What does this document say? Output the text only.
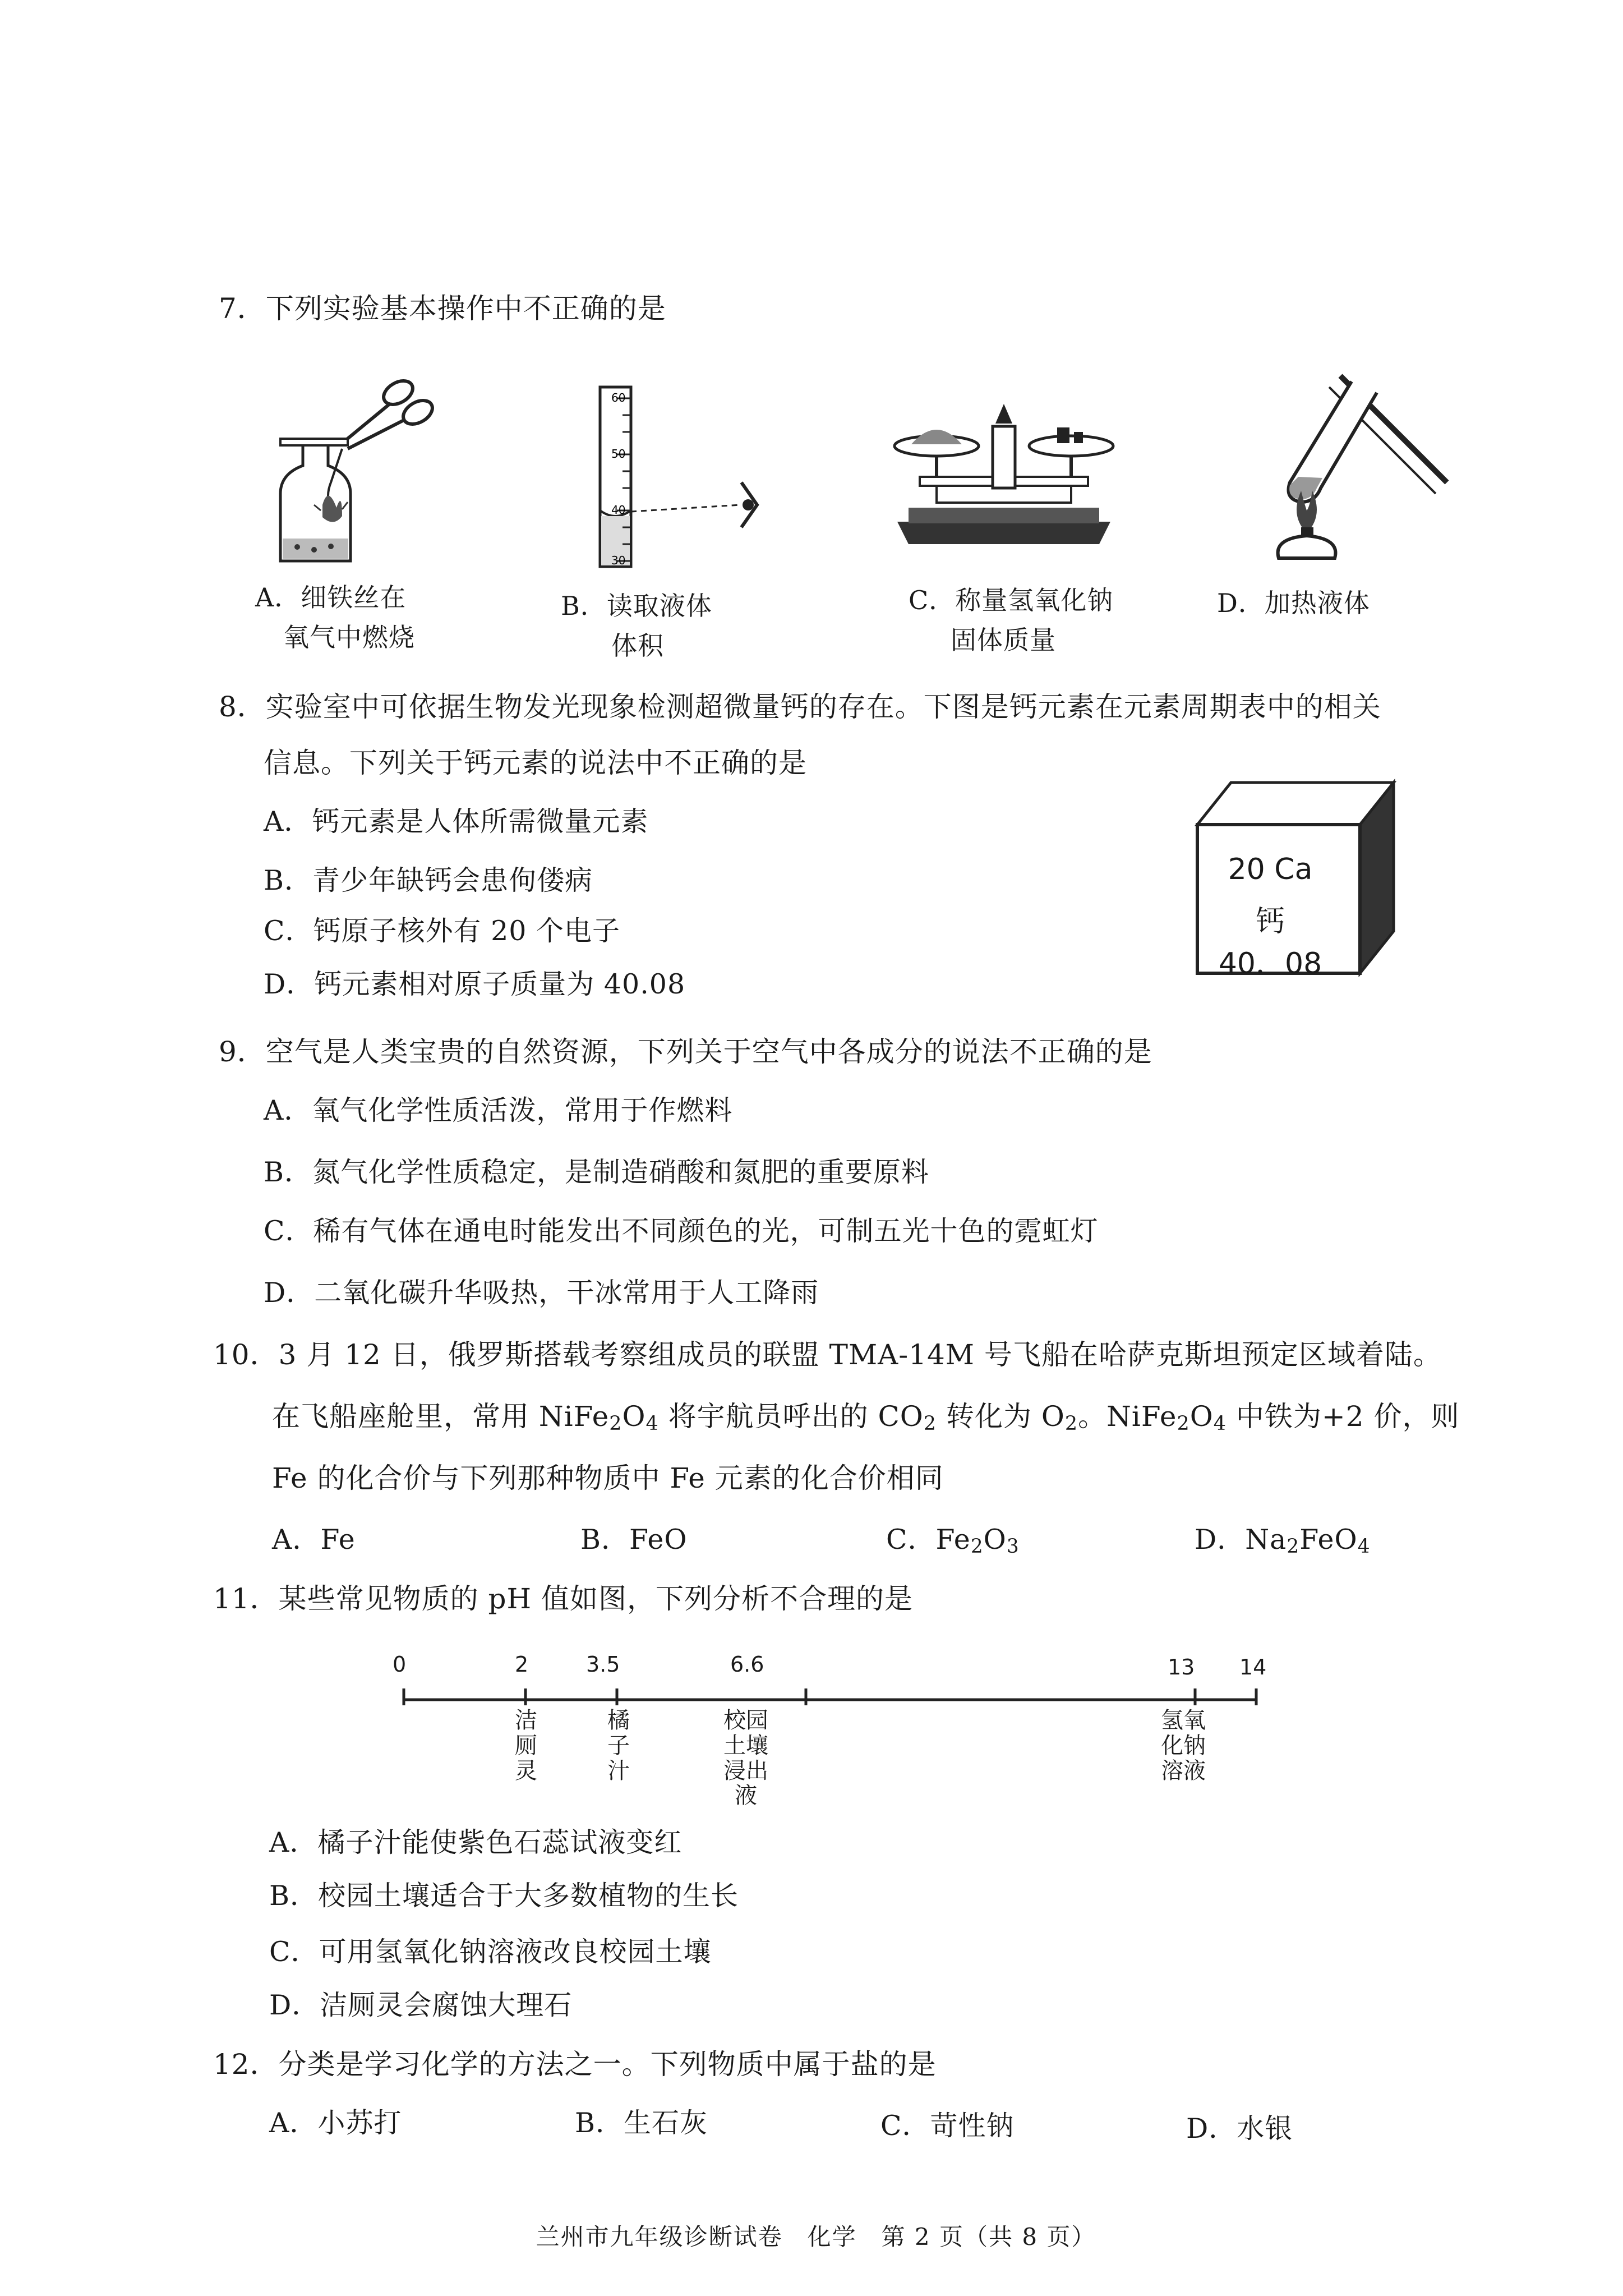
7．下列实验基本操作中不正确的是
60
50
40
30
A．细铁丝在
氧气中燃烧
B．读取液体
体积
C．称量氢氧化钠
固体质量
D．加热液体
8．实验室中可依据生物发光现象检测超微量钙的存在。下图是钙元素在元素周期表中的相关
信息。下列关于钙元素的说法中不正确的是
A．钙元素是人体所需微量元素
B．青少年缺钙会患佝偻病
C．钙原子核外有 20 个电子
D．钙元素相对原子质量为 40.08
20 Ca
钙
40．08
9．空气是人类宝贵的自然资源，下列关于空气中各成分的说法不正确的是
A．氧气化学性质活泼，常用于作燃料
B．氮气化学性质稳定，是制造硝酸和氮肥的重要原料
C．稀有气体在通电时能发出不同颜色的光，可制五光十色的霓虹灯
D．二氧化碳升华吸热，干冰常用于人工降雨
10．3 月 12 日，俄罗斯搭载考察组成员的联盟 TMA-14M 号飞船在哈萨克斯坦预定区域着陆。
在飞船座舱里，常用 $NiFe_2O_4$ 将宇航员呼出的 $CO_2$ 转化为 $O_2$。$NiFe_2O_4$ 中铁为+2 价，则
Fe 的化合价与下列那种物质中 Fe 元素的化合价相同
A．Fe	B．FeO	C．$Fe_2O_3$	D．$Na_2FeO_4$
11．某些常见物质的 pH 值如图，下列分析不合理的是
0	2	3.5	6.6	13 14
洁厕灵
橘子汁
校园土壤浸出液
氢氧化钠溶液
A．橘子汁能使紫色石蕊试液变红
B．校园土壤适合于大多数植物的生长
C．可用氢氧化钠溶液改良校园土壤
D．洁厕灵会腐蚀大理石
12．分类是学习化学的方法之一。下列物质中属于盐的是
A．小苏打	B．生石灰	C．苛性钠	D．水银
兰州市九年级诊断试卷　化学　第 2 页（共 8 页）
